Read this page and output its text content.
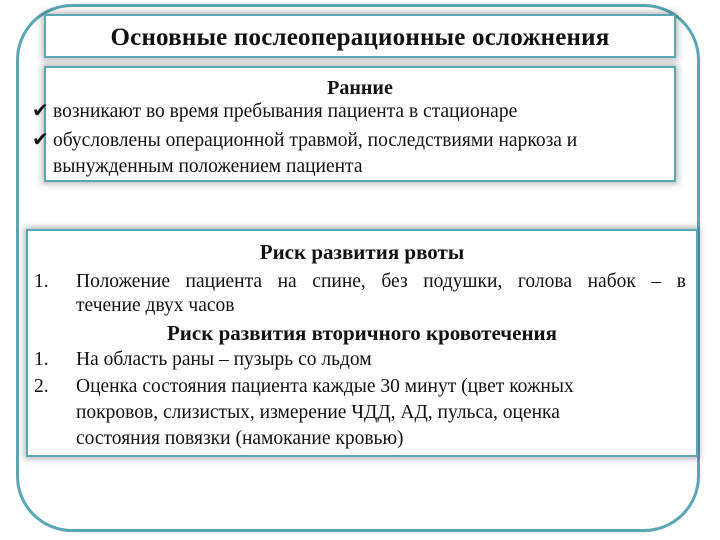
Основные послеоперационные осложнения
Ранние
✔ возникают во время пребывания пациента в стационаре
✔ обусловлены операционной травмой, последствиями наркоза и
вынужденным положением пациента
Риск развития рвоты
1. Положение пациента на спине, без подушки, голова набок – в
течение двух часов
Риск развития вторичного кровотечения
1. На область раны – пузырь со льдом
2. Оценка состояния пациента каждые 30 минут (цвет кожных
покровов, слизистых, измерение ЧДД, АД, пульса, оценка
состояния повязки (намокание кровью)
